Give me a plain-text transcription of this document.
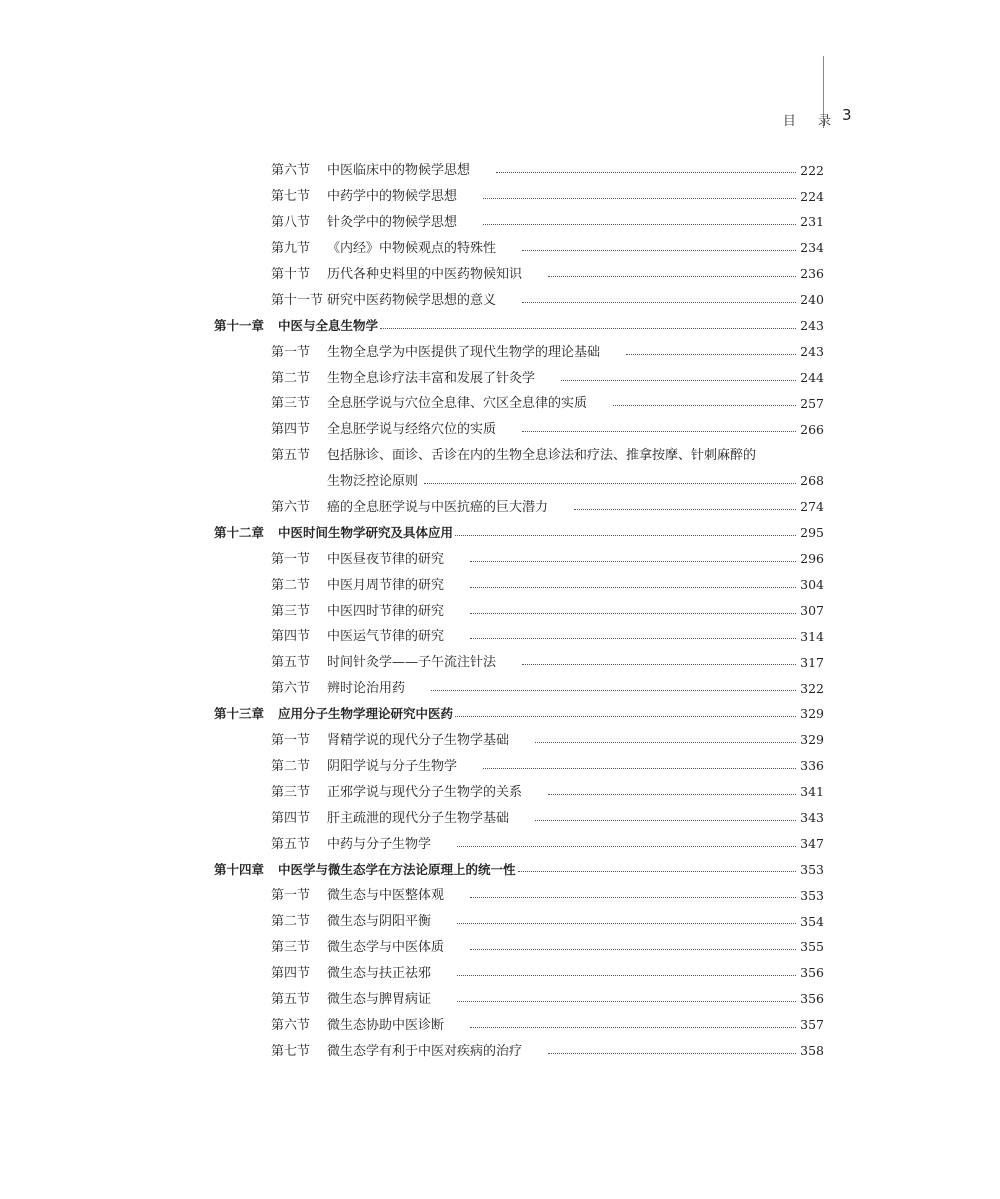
目 录 3
第六节	中医临床中的物候学思想	222
第七节	中药学中的物候学思想	224
第八节	针灸学中的物候学思想	231
第九节	《内经》中物候观点的特殊性	234
第十节	历代各种史料里的中医药物候知识	236
第十一节 研究中医药物候学思想的意义	240
第十一章 中医与全息生物学	243
第一节	生物全息学为中医提供了现代生物学的理论基础	243
第二节	生物全息诊疗法丰富和发展了针灸学	244
第三节	全息胚学说与穴位全息律、穴区全息律的实质	257
第四节	全息胚学说与经络穴位的实质	266
第五节	包括脉诊、面诊、舌诊在内的生物全息诊法和疗法、推拿按摩、针刺麻醉的
生物泛控论原则	268
第六节	癌的全息胚学说与中医抗癌的巨大潜力	274
第十二章 中医时间生物学研究及具体应用	295
第一节	中医昼夜节律的研究	296
第二节	中医月周节律的研究	304
第三节	中医四时节律的研究	307
第四节	中医运气节律的研究	314
第五节	时间针灸学——子午流注针法	317
第六节	辨时论治用药	322
第十三章 应用分子生物学理论研究中医药	329
第一节	肾精学说的现代分子生物学基础	329
第二节	阴阳学说与分子生物学	336
第三节	正邪学说与现代分子生物学的关系	341
第四节	肝主疏泄的现代分子生物学基础	343
第五节	中药与分子生物学	347
第十四章 中医学与微生态学在方法论原理上的统一性	353
第一节	微生态与中医整体观	353
第二节	微生态与阴阳平衡	354
第三节	微生态学与中医体质	355
第四节	微生态与扶正祛邪	356
第五节	微生态与脾胃病证	356
第六节	微生态协助中医诊断	357
第七节	微生态学有利于中医对疾病的治疗	358
